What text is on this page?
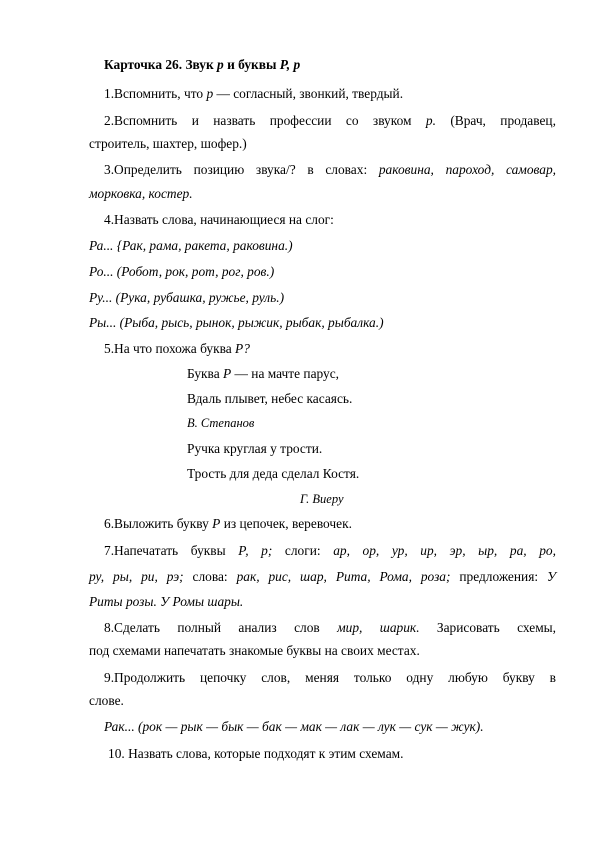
Карточка 26. Звук р и буквы Р, р
1.Вспомнить, что р — согласный, звонкий, твердый.
2.Вспомнить и назвать профессии со звуком р. (Врач, продавец,
строитель, шахтер, шофер.)
3.Определить позицию звука/? в словах: раковина, пароход, самовар,
морковка, костер.
4.Назвать слова, начинающиеся на слог:
Ра... {Рак, рама, ракета, раковина.)
Ро... (Робот, рок, рот, рог, ров.)
Ру... (Рука, рубашка, ружье, руль.)
Ры... (Рыба, рысь, рынок, рыжик, рыбак, рыбалка.)
5.На что похожа буква Р?
Буква Р — на мачте парус,
Вдаль плывет, небес касаясь.
В. Степанов
Ручка круглая у трости.
Трость для деда сделал Костя.
Г. Виеру
6.Выложить букву Р из цепочек, веревочек.
7.Напечатать буквы Р, р; слоги: ар, ор, ур, ир, эр, ыр, ра, ро,
ру, ры, ри, рэ; слова: рак, рис, шар, Рита, Рома, роза; предложения: У
Риты розы. У Ромы шары.
8.Сделать полный анализ слов мир, шарик. Зарисовать схемы,
под схемами напечатать знакомые буквы на своих местах.
9.Продолжить цепочку слов, меняя только одну любую букву в
слове.
Рак... (рок — рык — бык — бак — мак — лак — лук — сук — жук).
10. Назвать слова, которые подходят к этим схемам.
